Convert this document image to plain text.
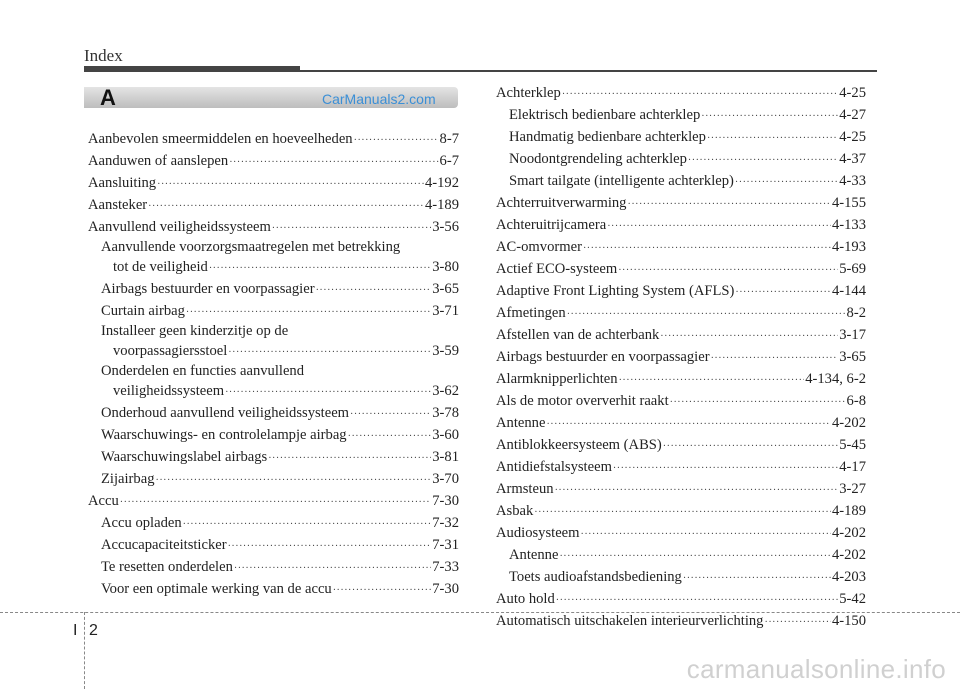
Index
A	CarManuals2.com
Aanbevolen smeermiddelen en hoeveelheden ·····	8-7
Aanduwen of aanslepen ·····	6-7
Aansluiting ·····	4-192
Aansteker ·····	4-189
Aanvullend veiligheidssysteem ·····	3-56
Aanvullende voorzorgsmaatregelen met betrekking
tot de veiligheid ·····	3-80
Airbags bestuurder en voorpassagier ·····	3-65
Curtain airbag ·····	3-71
Installeer geen kinderzitje op de
voorpassagiersstoel ·····	3-59
Onderdelen en functies aanvullend
veiligheidssysteem ·····	3-62
Onderhoud aanvullend veiligheidssysteem ·····	3-78
Waarschuwings- en controlelampje airbag ·····	3-60
Waarschuwingslabel airbags ·····	3-81
Zijairbag ·····	3-70
Accu ·····	7-30
Accu opladen ·····	7-32
Accucapaciteitsticker ·····	7-31
Te resetten onderdelen ·····	7-33
Voor een optimale werking van de accu ·····	7-30
Achterklep ·····	4-25
Elektrisch bedienbare achterklep ·····	4-27
Handmatig bedienbare achterklep ·····	4-25
Noodontgrendeling achterklep ·····	4-37
Smart tailgate (intelligente achterklep) ·····	4-33
Achterruitverwarming ·····	4-155
Achteruitrijcamera ·····	4-133
AC-omvormer ·····	4-193
Actief ECO-systeem ·····	5-69
Adaptive Front Lighting System (AFLS) ·····	4-144
Afmetingen ·····	8-2
Afstellen van de achterbank ·····	3-17
Airbags bestuurder en voorpassagier ·····	3-65
Alarmknipperlichten ·····	4-134, 6-2
Als de motor oververhit raakt ·····	6-8
Antenne ·····	4-202
Antiblokkeersysteem (ABS) ·····	5-45
Antidiefstalsysteem ·····	4-17
Armsteun ·····	3-27
Asbak ·····	4-189
Audiosysteem ·····	4-202
Antenne ·····	4-202
Toets audioafstandsbediening ·····	4-203
Auto hold ·····	5-42
Automatisch uitschakelen interieurverlichting ·····	4-150
I 2
carmanualsonline.info
